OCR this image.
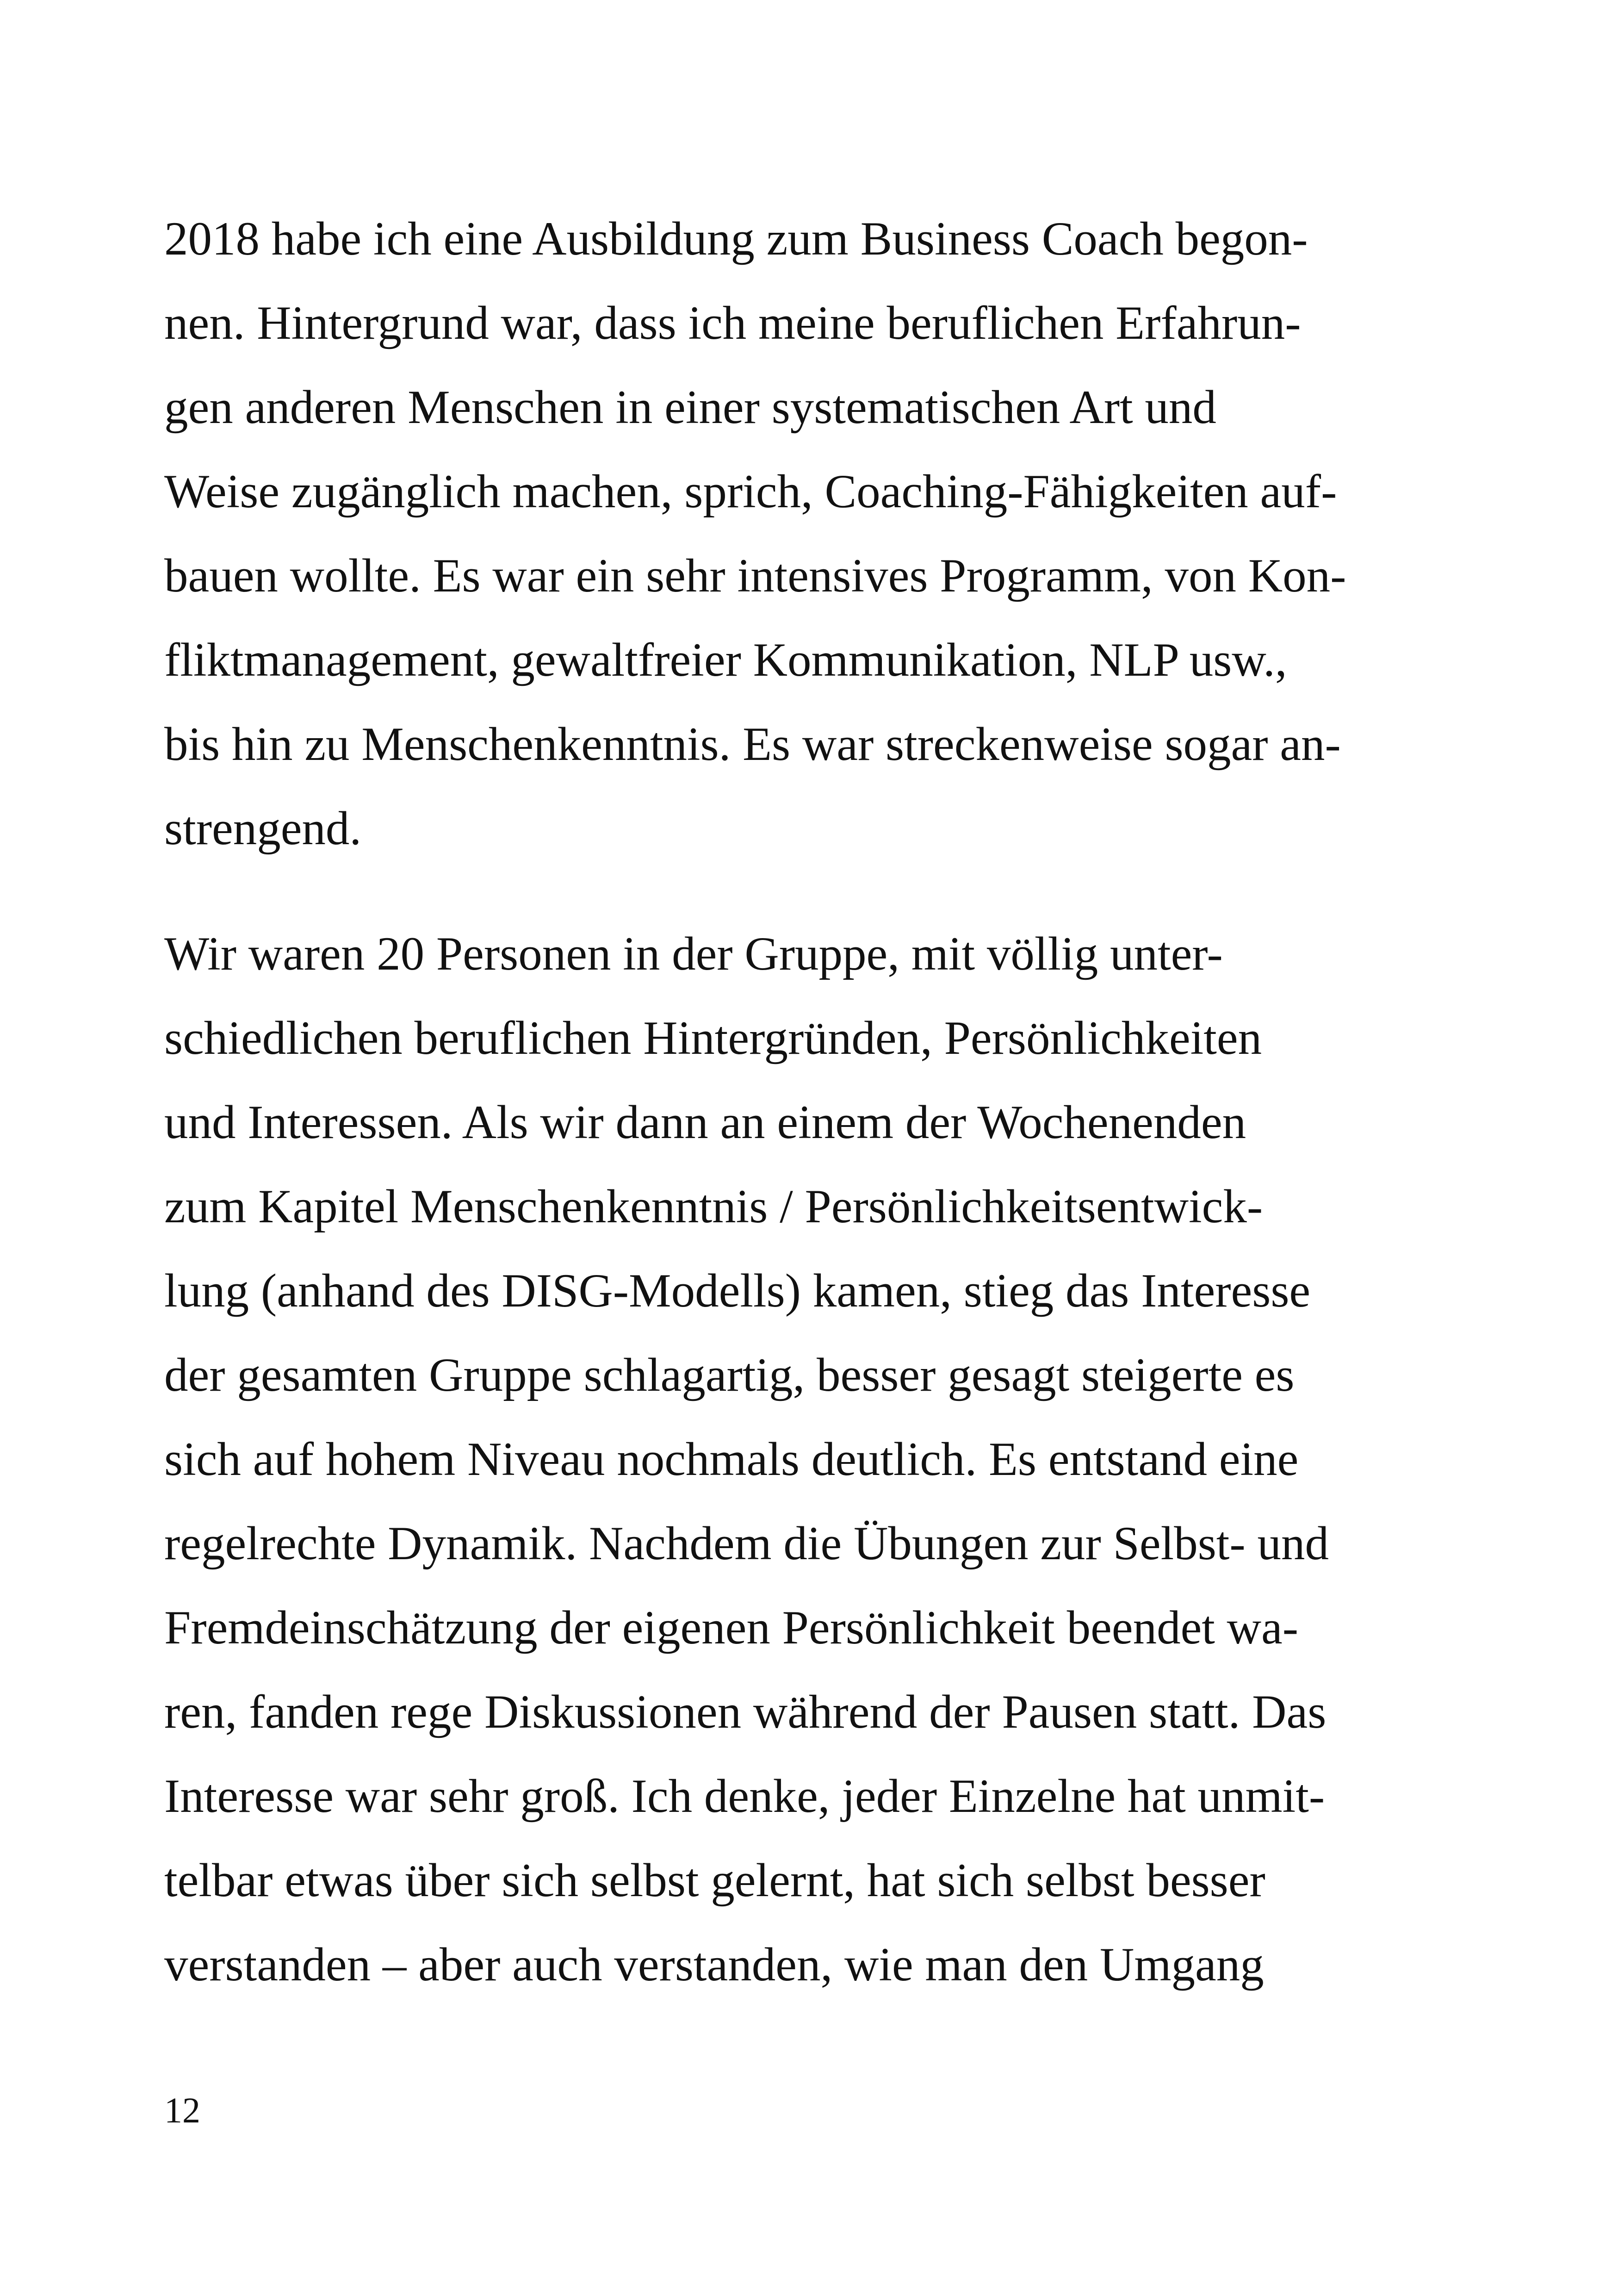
2018 habe ich eine Ausbildung zum Business Coach begon-
nen. Hintergrund war, dass ich meine beruflichen Erfahrun-
gen anderen Menschen in einer systematischen Art und
Weise zugänglich machen, sprich, Coaching-Fähigkeiten auf-
bauen wollte. Es war ein sehr intensives Programm, von Kon-
fliktmanagement, gewaltfreier Kommunikation, NLP usw.,
bis hin zu Menschenkenntnis. Es war streckenweise sogar an-
strengend.
Wir waren 20 Personen in der Gruppe, mit völlig unter-
schiedlichen beruflichen Hintergründen, Persönlichkeiten
und Interessen. Als wir dann an einem der Wochenenden
zum Kapitel Menschenkenntnis / Persönlichkeitsentwick-
lung (anhand des DISG-Modells) kamen, stieg das Interesse
der gesamten Gruppe schlagartig, besser gesagt steigerte es
sich auf hohem Niveau nochmals deutlich. Es entstand eine
regelrechte Dynamik. Nachdem die Übungen zur Selbst- und
Fremdeinschätzung der eigenen Persönlichkeit beendet wa-
ren, fanden rege Diskussionen während der Pausen statt. Das
Interesse war sehr groß. Ich denke, jeder Einzelne hat unmit-
telbar etwas über sich selbst gelernt, hat sich selbst besser
verstanden – aber auch verstanden, wie man den Umgang
12
